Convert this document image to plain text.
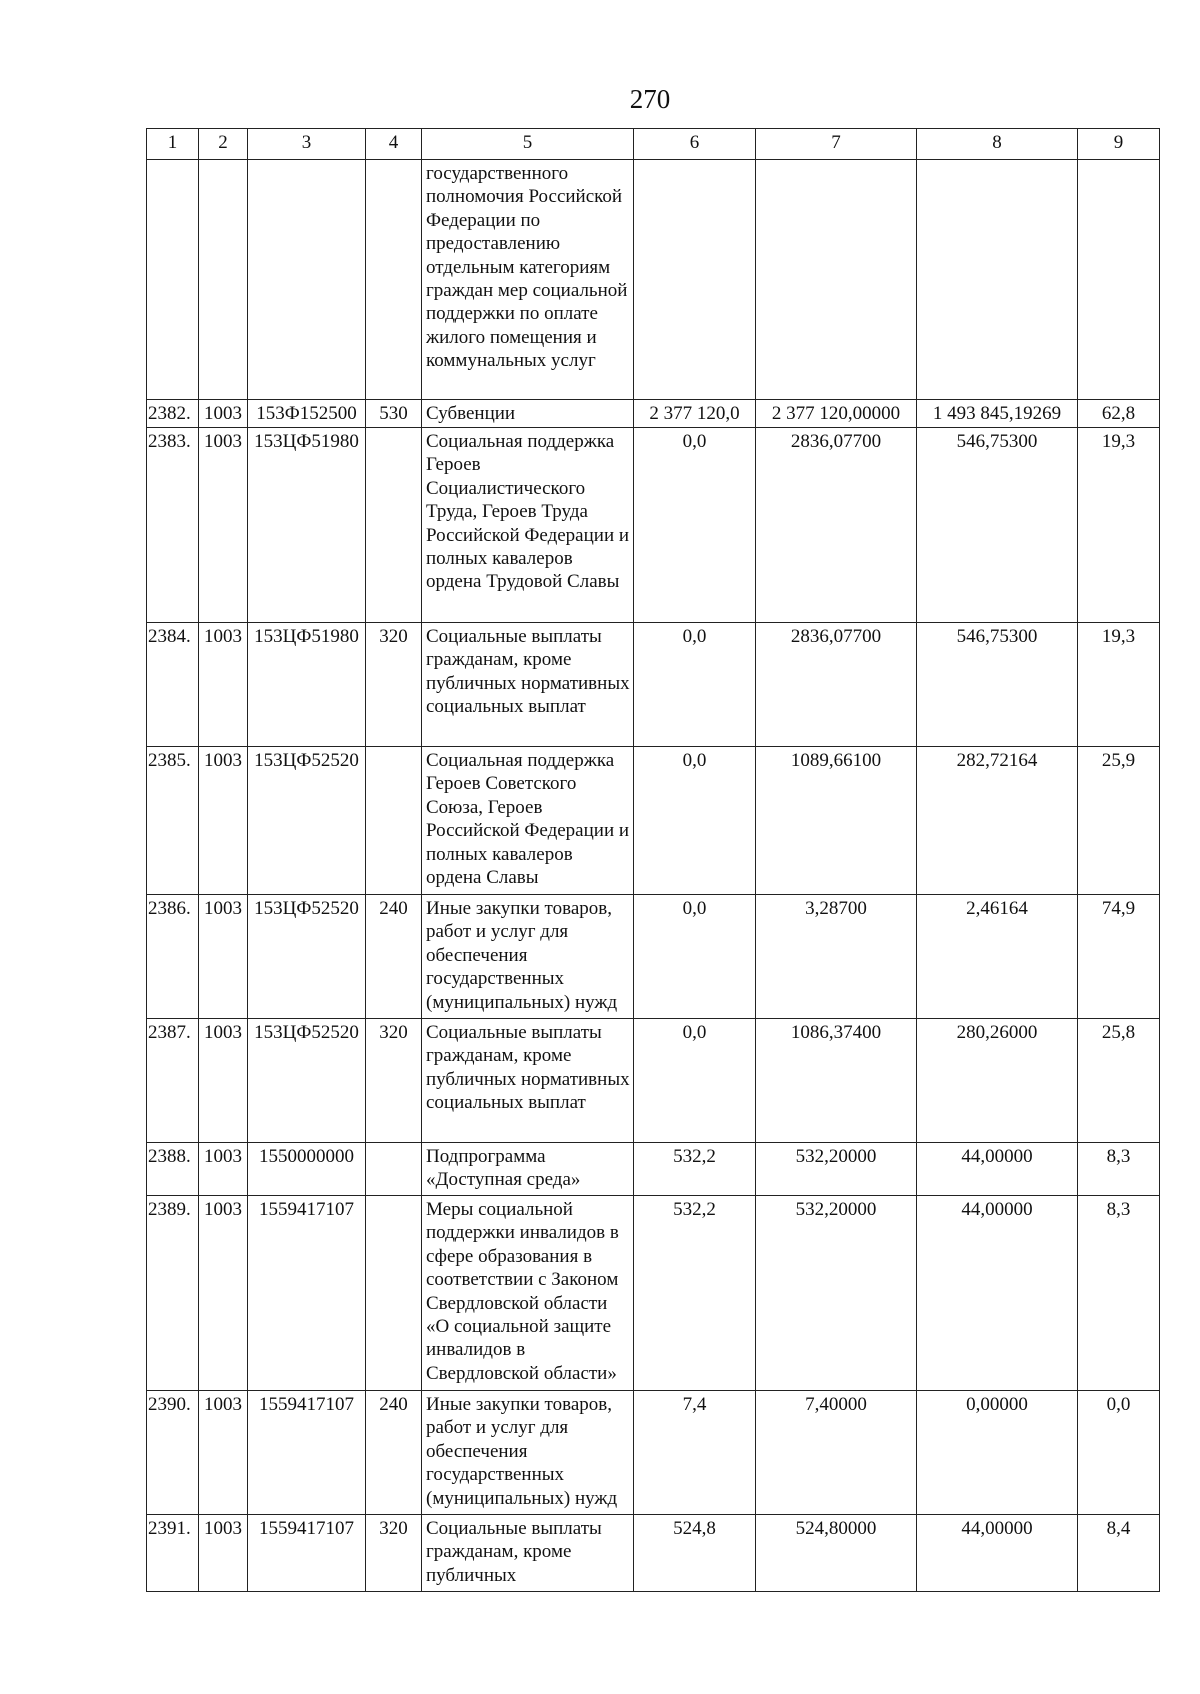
270
1	2	3	4	5	6	7	8	9
				государственного полномочия Российской Федерации по предоставлению отдельным категориям граждан мер социальной поддержки по оплате жилого помещения и коммунальных услуг				
2382.	1003	153Ф152500	530	Субвенции	2 377 120,0	2 377 120,00000	1 493 845,19269	62,8
2383.	1003	153ЦФ51980		Социальная поддержка Героев Социалистического Труда, Героев Труда Российской Федерации и полных кавалеров ордена Трудовой Славы	0,0	2836,07700	546,75300	19,3
2384.	1003	153ЦФ51980	320	Социальные выплаты гражданам, кроме публичных нормативных социальных выплат	0,0	2836,07700	546,75300	19,3
2385.	1003	153ЦФ52520		Социальная поддержка Героев Советского Союза, Героев Российской Федерации и полных кавалеров ордена Славы	0,0	1089,66100	282,72164	25,9
2386.	1003	153ЦФ52520	240	Иные закупки товаров, работ и услуг для обеспечения государственных (муниципальных) нужд	0,0	3,28700	2,46164	74,9
2387.	1003	153ЦФ52520	320	Социальные выплаты гражданам, кроме публичных нормативных социальных выплат	0,0	1086,37400	280,26000	25,8
2388.	1003	1550000000		Подпрограмма «Доступная среда»	532,2	532,20000	44,00000	8,3
2389.	1003	1559417107		Меры социальной поддержки инвалидов в сфере образования в соответствии с Законом Свердловской области «О социальной защите инвалидов в Свердловской области»	532,2	532,20000	44,00000	8,3
2390.	1003	1559417107	240	Иные закупки товаров, работ и услуг для обеспечения государственных (муниципальных) нужд	7,4	7,40000	0,00000	0,0
2391.	1003	1559417107	320	Социальные выплаты гражданам, кроме публичных	524,8	524,80000	44,00000	8,4
